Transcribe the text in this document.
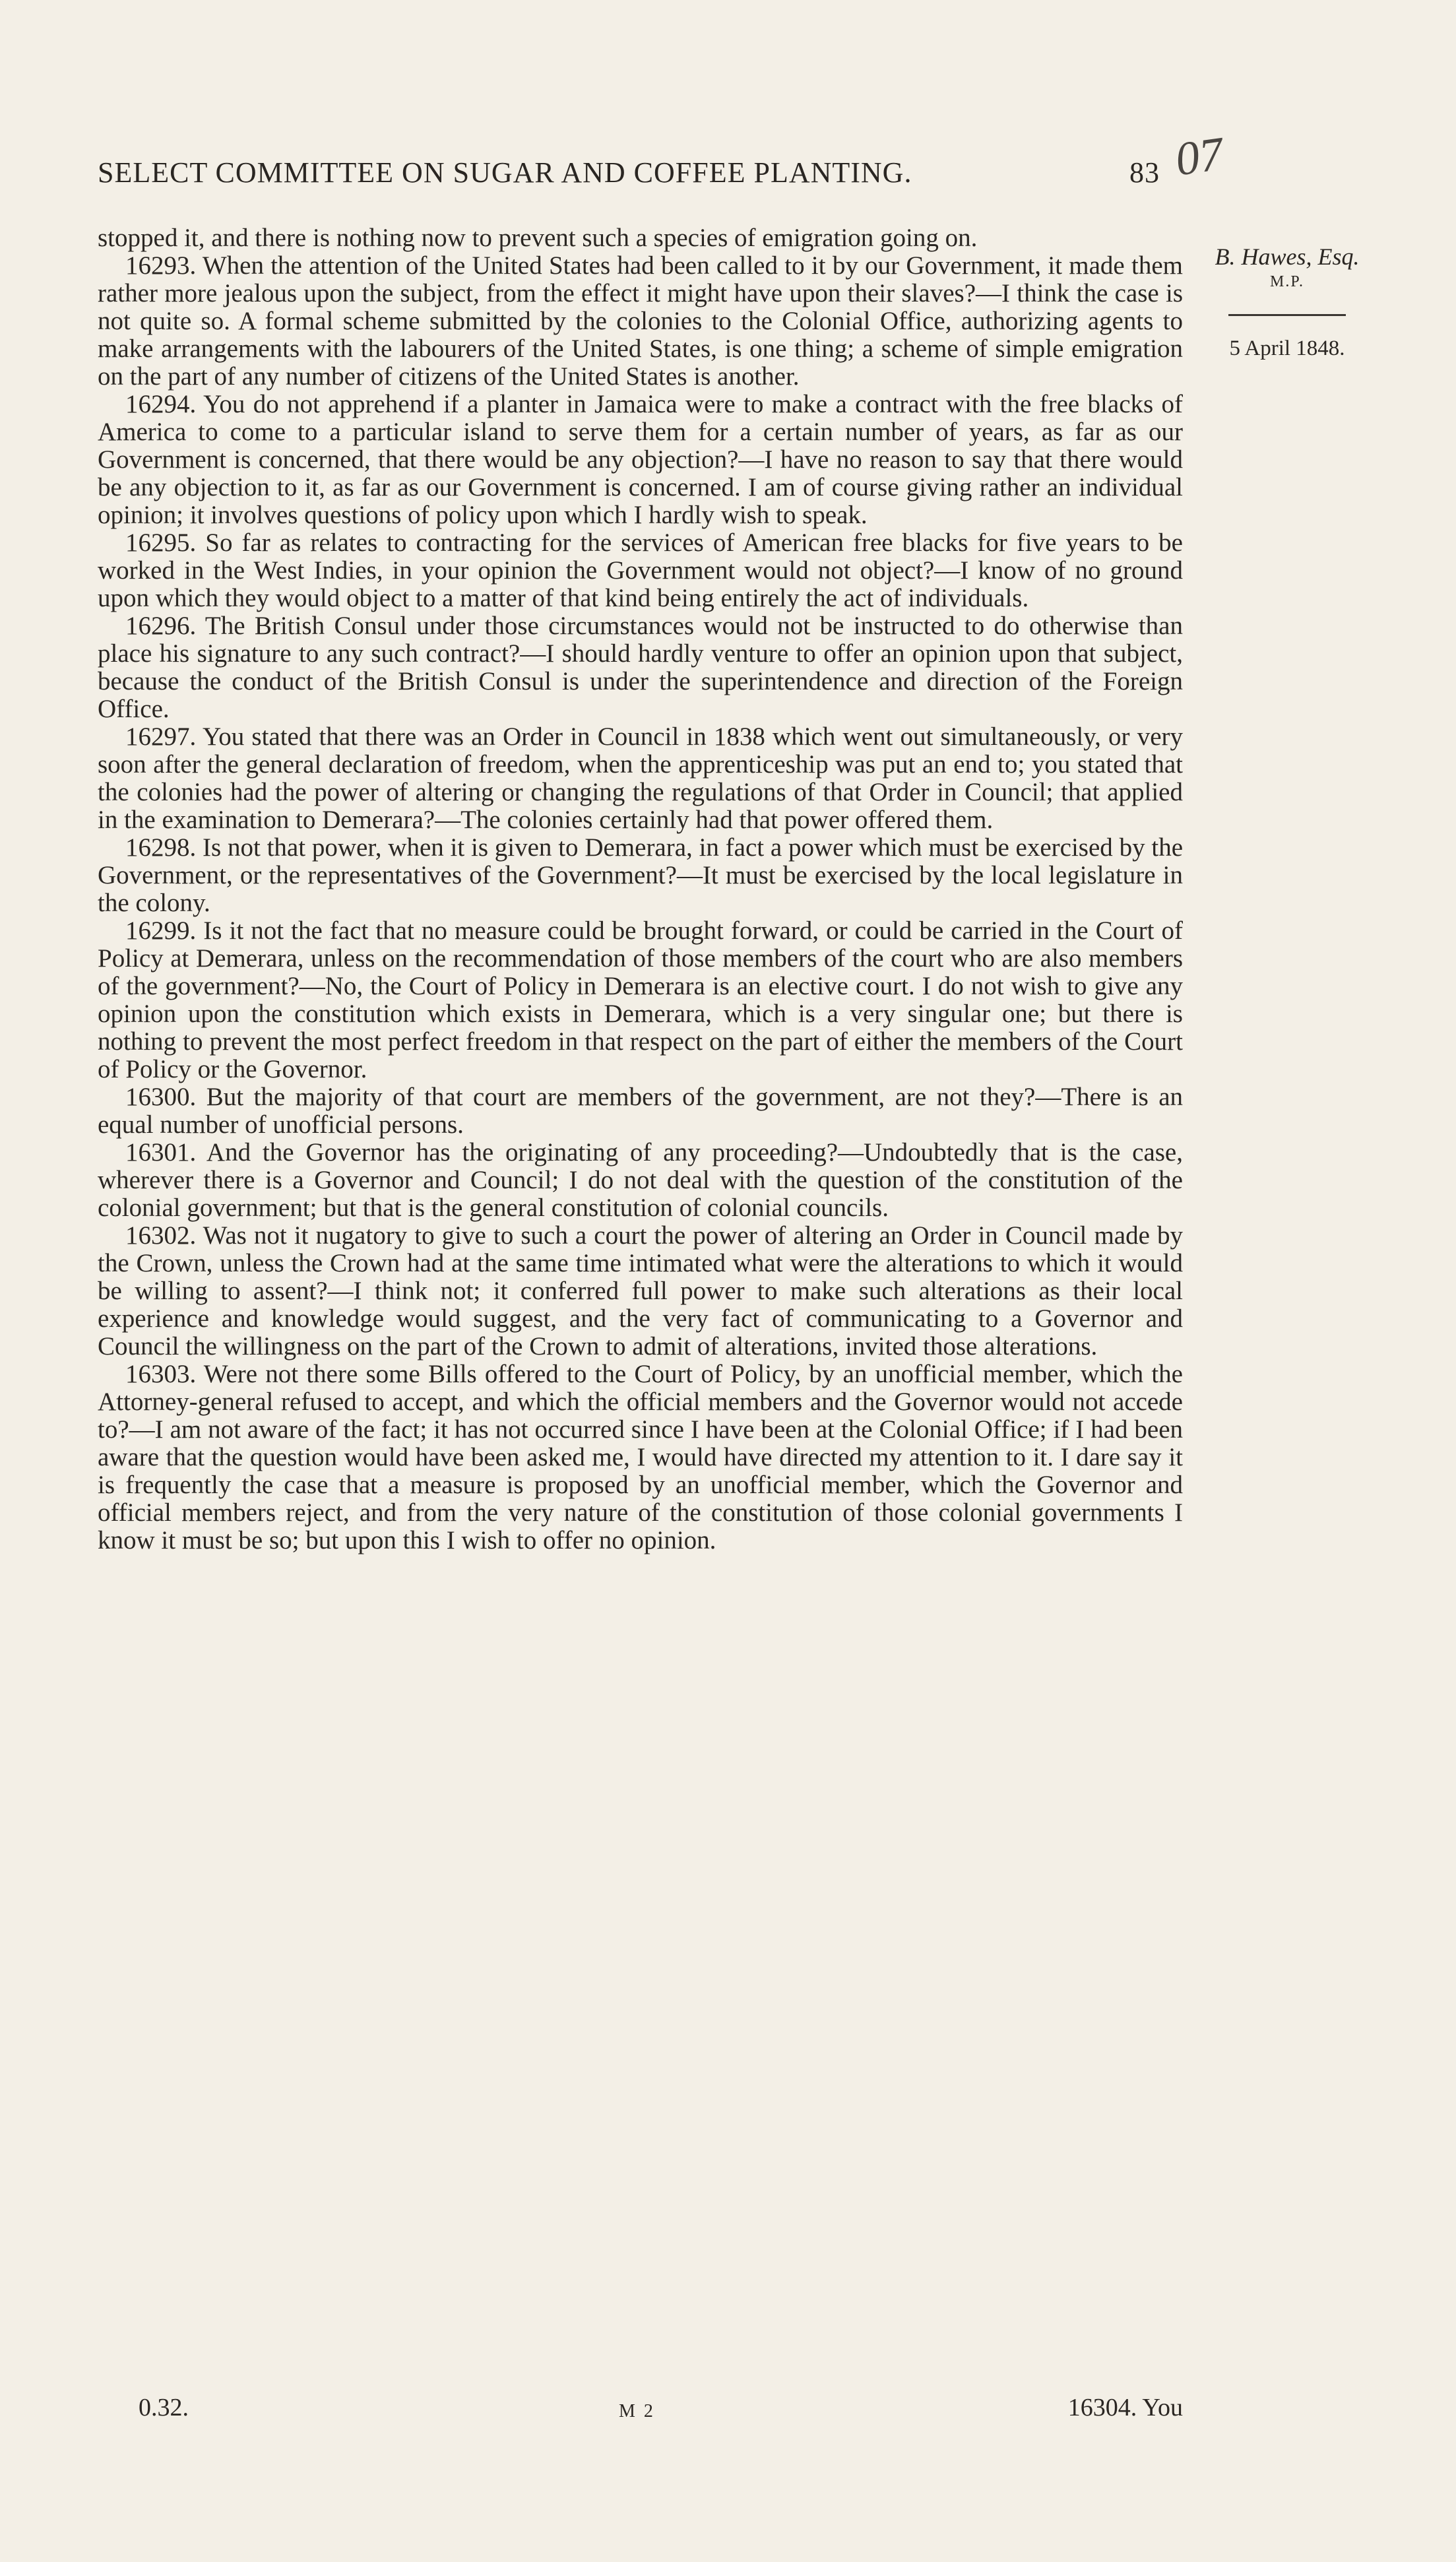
SELECT COMMITTEE ON SUGAR AND COFFEE PLANTING.	83 07
B. Hawes, Esq.
M.P.
5 April 1848.

stopped it, and there is nothing now to prevent such a species of emigration going on.

16293. When the attention of the United States had been called to it by our Government, it made them rather more jealous upon the subject, from the effect it might have upon their slaves?—I think the case is not quite so. A formal scheme submitted by the colonies to the Colonial Office, authorizing agents to make arrangements with the labourers of the United States, is one thing; a scheme of simple emigration on the part of any number of citizens of the United States is another.

16294. You do not apprehend if a planter in Jamaica were to make a contract with the free blacks of America to come to a particular island to serve them for a certain number of years, as far as our Government is concerned, that there would be any objection?—I have no reason to say that there would be any objection to it, as far as our Government is concerned. I am of course giving rather an individual opinion; it involves questions of policy upon which I hardly wish to speak.

16295. So far as relates to contracting for the services of American free blacks for five years to be worked in the West Indies, in your opinion the Government would not object?—I know of no ground upon which they would object to a matter of that kind being entirely the act of individuals.

16296. The British Consul under those circumstances would not be instructed to do otherwise than place his signature to any such contract?—I should hardly venture to offer an opinion upon that subject, because the conduct of the British Consul is under the superintendence and direction of the Foreign Office.

16297. You stated that there was an Order in Council in 1838 which went out simultaneously, or very soon after the general declaration of freedom, when the apprenticeship was put an end to; you stated that the colonies had the power of altering or changing the regulations of that Order in Council; that applied in the examination to Demerara?—The colonies certainly had that power offered them.

16298. Is not that power, when it is given to Demerara, in fact a power which must be exercised by the Government, or the representatives of the Government?—It must be exercised by the local legislature in the colony.

16299. Is it not the fact that no measure could be brought forward, or could be carried in the Court of Policy at Demerara, unless on the recommendation of those members of the court who are also members of the government?—No, the Court of Policy in Demerara is an elective court. I do not wish to give any opinion upon the constitution which exists in Demerara, which is a very singular one; but there is nothing to prevent the most perfect freedom in that respect on the part of either the members of the Court of Policy or the Governor.

16300. But the majority of that court are members of the government, are not they?—There is an equal number of unofficial persons.

16301. And the Governor has the originating of any proceeding?—Undoubtedly that is the case, wherever there is a Governor and Council; I do not deal with the question of the constitution of the colonial government; but that is the general constitution of colonial councils.

16302. Was not it nugatory to give to such a court the power of altering an Order in Council made by the Crown, unless the Crown had at the same time intimated what were the alterations to which it would be willing to assent?—I think not; it conferred full power to make such alterations as their local experience and knowledge would suggest, and the very fact of communicating to a Governor and Council the willingness on the part of the Crown to admit of alterations, invited those alterations.

16303. Were not there some Bills offered to the Court of Policy, by an unofficial member, which the Attorney-general refused to accept, and which the official members and the Governor would not accede to?—I am not aware of the fact; it has not occurred since I have been at the Colonial Office; if I had been aware that the question would have been asked me, I would have directed my attention to it. I dare say it is frequently the case that a measure is proposed by an unofficial member, which the Governor and official members reject, and from the very nature of the constitution of those colonial governments I know it must be so; but upon this I wish to offer no opinion.

0.32.	M 2	16304. You
